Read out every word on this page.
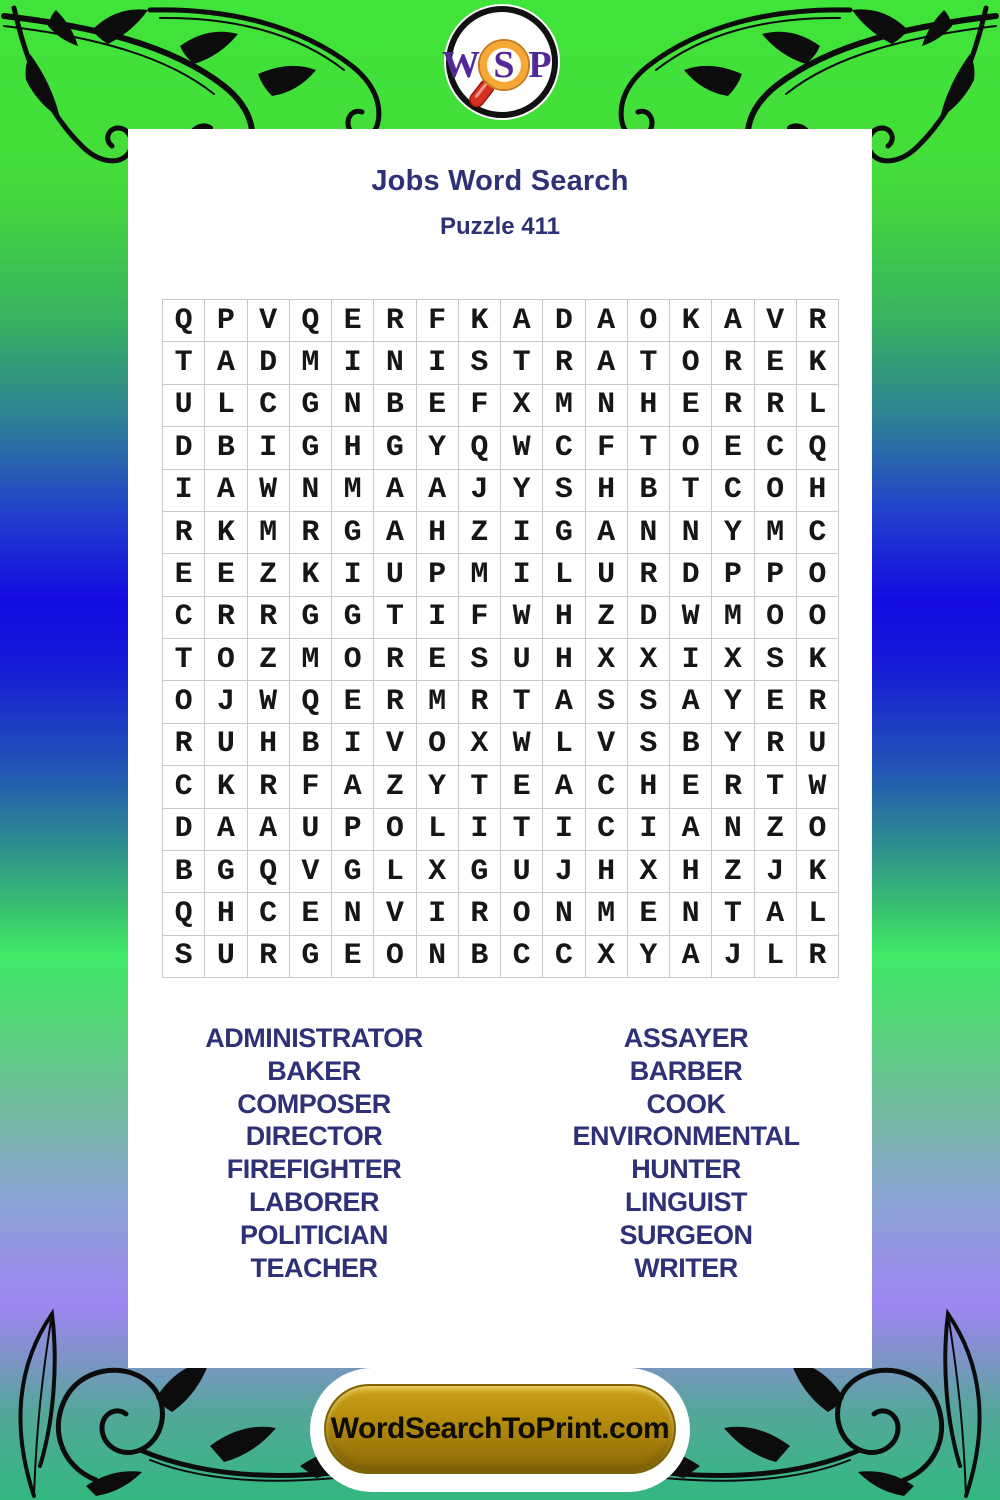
W P
S
Jobs Word Search
Puzzle 411
Q P V Q E R F K A D A O K A V R
T A D M I N I S T R A T O R E K
U L C G N B E F X M N H E R R L
D B I G H G Y Q W C F T O E C Q
I A W N M A A J Y S H B T C O H
R K M R G A H Z I G A N N Y M C
E E Z K I U P M I L U R D P P O
C R R G G T I F W H Z D W M O O
T O Z M O R E S U H X X I X S K
O J W Q E R M R T A S S A Y E R
R U H B I V O X W L V S B Y R U
C K R F A Z Y T E A C H E R T W
D A A U P O L I T I C I A N Z O
B G Q V G L X G U J H X H Z J K
Q H C E N V I R O N M E N T A L
S U R G E O N B C C X Y A J L R
ADMINISTRATOR
BAKER
COMPOSER
DIRECTOR
FIREFIGHTER
LABORER
POLITICIAN
TEACHER
ASSAYER
BARBER
COOK
ENVIRONMENTAL
HUNTER
LINGUIST
SURGEON
WRITER
WordSearchToPrint.com
